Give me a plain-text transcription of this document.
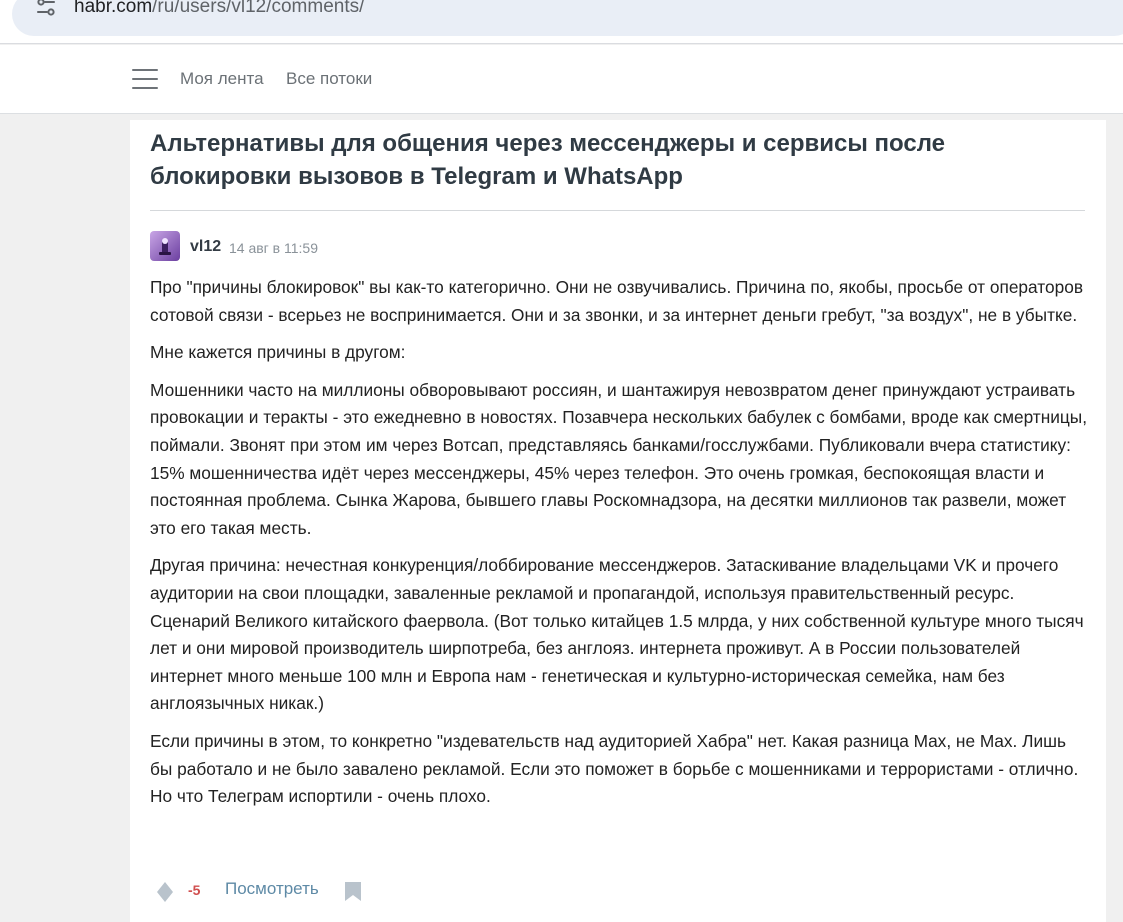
habr.com/ru/users/vl12/comments/
Моя лента Все потоки
Альтернативы для общения через мессенджеры и сервисы после блокировки вызовов в Telegram и WhatsApp
vl12 14 авг в 11:59

Про "причины блокировок" вы как-то категорично. Они не озвучивались. Причина по, якобы, просьбе от операторов сотовой связи - всерьез не воспринимается. Они и за звонки, и за интернет деньги гребут, "за воздух", не в убытке.

Мне кажется причины в другом:

Мошенники часто на миллионы обворовывают россиян, и шантажируя невозвратом денег принуждают устраивать провокации и теракты - это ежедневно в новостях. Позавчера нескольких бабулек с бомбами, вроде как смертницы, поймали. Звонят при этом им через Вотсап, представляясь банками/госслужбами. Публиковали вчера статистику: 15% мошенничества идёт через мессенджеры, 45% через телефон. Это очень громкая, беспокоящая власти и постоянная проблема. Сынка Жарова, бывшего главы Роскомнадзора, на десятки миллионов так развели, может это его такая месть.

Другая причина: нечестная конкуренция/лоббирование мессенджеров. Затаскивание владельцами VK и прочего аудитории на свои площадки, заваленные рекламой и пропагандой, используя правительственный ресурс. Сценарий Великого китайского фаервола. (Вот только китайцев 1.5 млрда, у них собственной культуре много тысяч лет и они мировой производитель ширпотреба, без англояз. интернета проживут. А в России пользователей интернет много меньше 100 млн и Европа нам - генетическая и культурно-историческая семейка, нам без англоязычных никак.)

Если причины в этом, то конкретно "издевательств над аудиторией Хабра" нет. Какая разница Max, не Max. Лишь бы работало и не было завалено рекламой. Если это поможет в борьбе с мошенниками и террористами - отлично. Но что Телеграм испортили - очень плохо.

-5 Посмотреть
